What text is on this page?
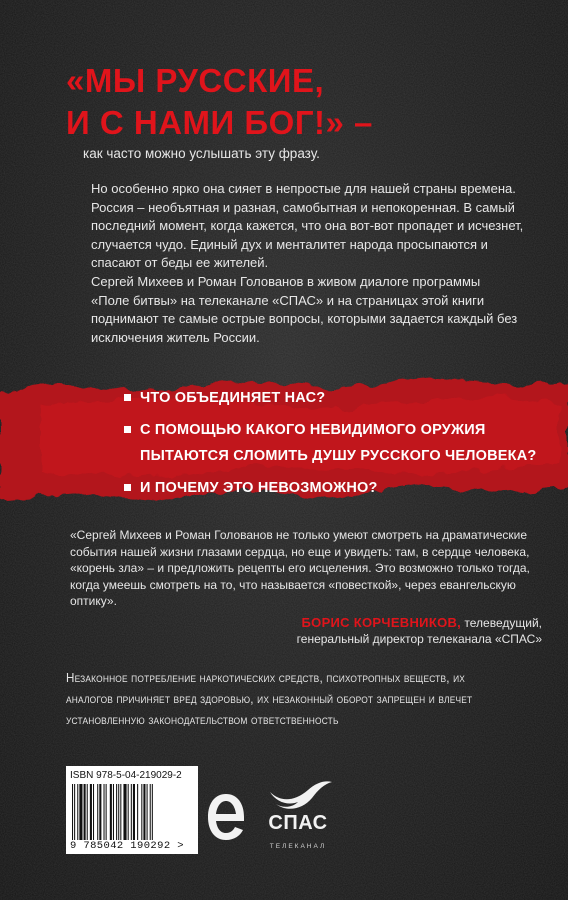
«МЫ РУССКИЕ,
И С НАМИ БОГ!» –
как часто можно услышать эту фразу.

Но особенно ярко она сияет в непростые для нашей страны времена. Россия – необъятная и разная, самобытная и непокоренная. В самый последний момент, когда кажется, что она вот-вот пропадет и исчезнет, случается чудо. Единый дух и менталитет народа просыпаются и спасают от беды ее жителей.

Сергей Михеев и Роман Голованов в живом диалоге программы «Поле битвы» на телеканале «СПАС» и на страницах этой книги поднимают те самые острые вопросы, которыми задается каждый без исключения житель России.

ЧТО ОБЪЕДИНЯЕТ НАС?
С ПОМОЩЬЮ КАКОГО НЕВИДИМОГО ОРУЖИЯ ПЫТАЮТСЯ СЛОМИТЬ ДУШУ РУССКОГО ЧЕЛОВЕКА?
И ПОЧЕМУ ЭТО НЕВОЗМОЖНО?

«Сергей Михеев и Роман Голованов не только умеют смотреть на драматические события нашей жизни глазами сердца, но еще и увидеть: там, в сердце человека, «корень зла» – и предложить рецепты его исцеления. Это возможно только тогда, когда умеешь смотреть на то, что называется «повесткой», через евангельскую оптику».

БОРИС КОРЧЕВНИКОВ, телеведущий,
генеральный директор телеканала «СПАС»

Незаконное потребление наркотических средств, психотропных веществ, их аналогов причиняет вред здоровью, их незаконный оборот запрещен и влечет установленную законодательством ответственность

ISBN 978-5-04-219029-2
9 785042 190292 >
СПАС
ТЕЛЕКАНАЛ
